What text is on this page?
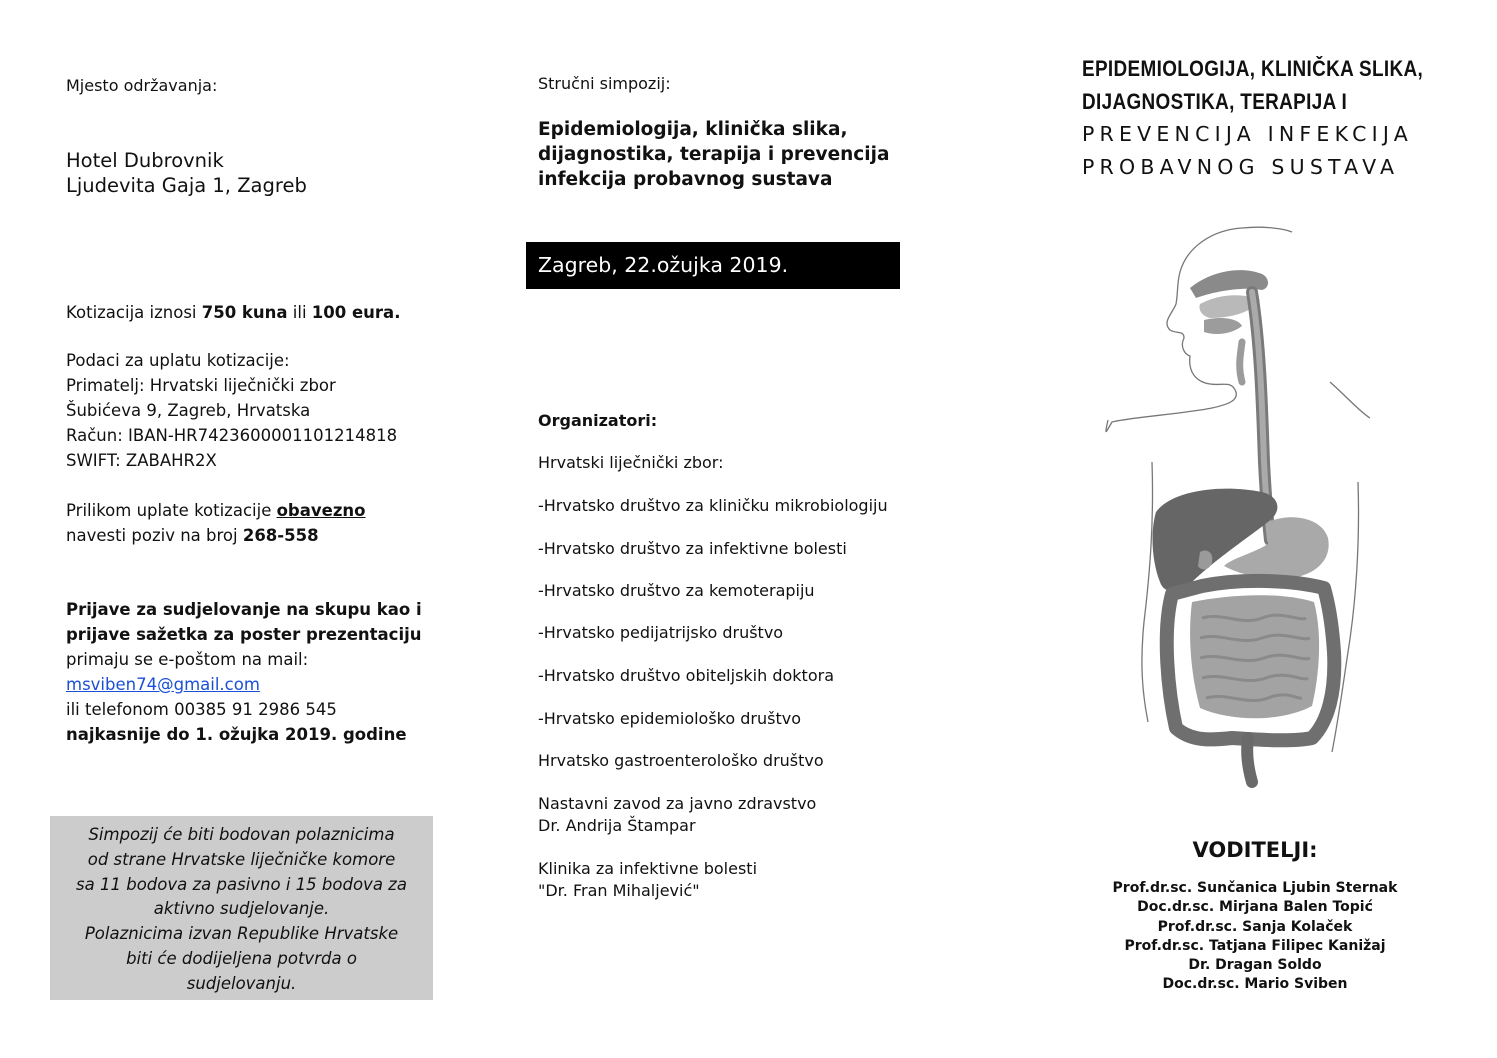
Mjesto održavanja:
Hotel Dubrovnik
Ljudevita Gaja 1, Zagreb
Kotizacija iznosi 750 kuna ili 100 eura.
Podaci za uplatu kotizacije:
Primatelj: Hrvatski liječnički zbor
Šubićeva 9, Zagreb, Hrvatska
Račun: IBAN-HR7423600001101214818
SWIFT: ZABAHR2X
Prilikom uplate kotizacije obavezno
navesti poziv na broj 268-558
Prijave za sudjelovanje na skupu kao i
prijave sažetka za poster prezentaciju
primaju se e-poštom na mail:
msviben74@gmail.com
ili telefonom 00385 91 2986 545
najkasnije do 1. ožujka 2019. godine
Simpozij će biti bodovan polaznicima
od strane Hrvatske liječničke komore
sa 11 bodova za pasivno i 15 bodova za
aktivno sudjelovanje.
Polaznicima izvan Republike Hrvatske
biti će dodijeljena potvrda o
sudjelovanju.
Stručni simpozij:
Epidemiologija, klinička slika,
dijagnostika, terapija i prevencija
infekcija probavnog sustava
Zagreb, 22.ožujka 2019.
Organizatori:
Hrvatski liječnički zbor:
-Hrvatsko društvo za kliničku mikrobiologiju
-Hrvatsko društvo za infektivne bolesti
-Hrvatsko društvo za kemoterapiju
-Hrvatsko pedijatrijsko društvo
-Hrvatsko društvo obiteljskih doktora
-Hrvatsko epidemiološko društvo
Hrvatsko gastroenterološko društvo
Nastavni zavod za javno zdravstvo
Dr. Andrija Štampar
Klinika za infektivne bolesti
"Dr. Fran Mihaljević"
EPIDEMIOLOGIJA, KLINIČKA SLIKA,
DIJAGNOSTIKA, TERAPIJA I
PREVENCIJA INFEKCIJA
PROBAVNOG SUSTAVA
VODITELJI:
Prof.dr.sc. Sunčanica Ljubin Sternak
Doc.dr.sc. Mirjana Balen Topić
Prof.dr.sc. Sanja Kolaček
Prof.dr.sc. Tatjana Filipec Kanižaj
Dr. Dragan Soldo
Doc.dr.sc. Mario Sviben
